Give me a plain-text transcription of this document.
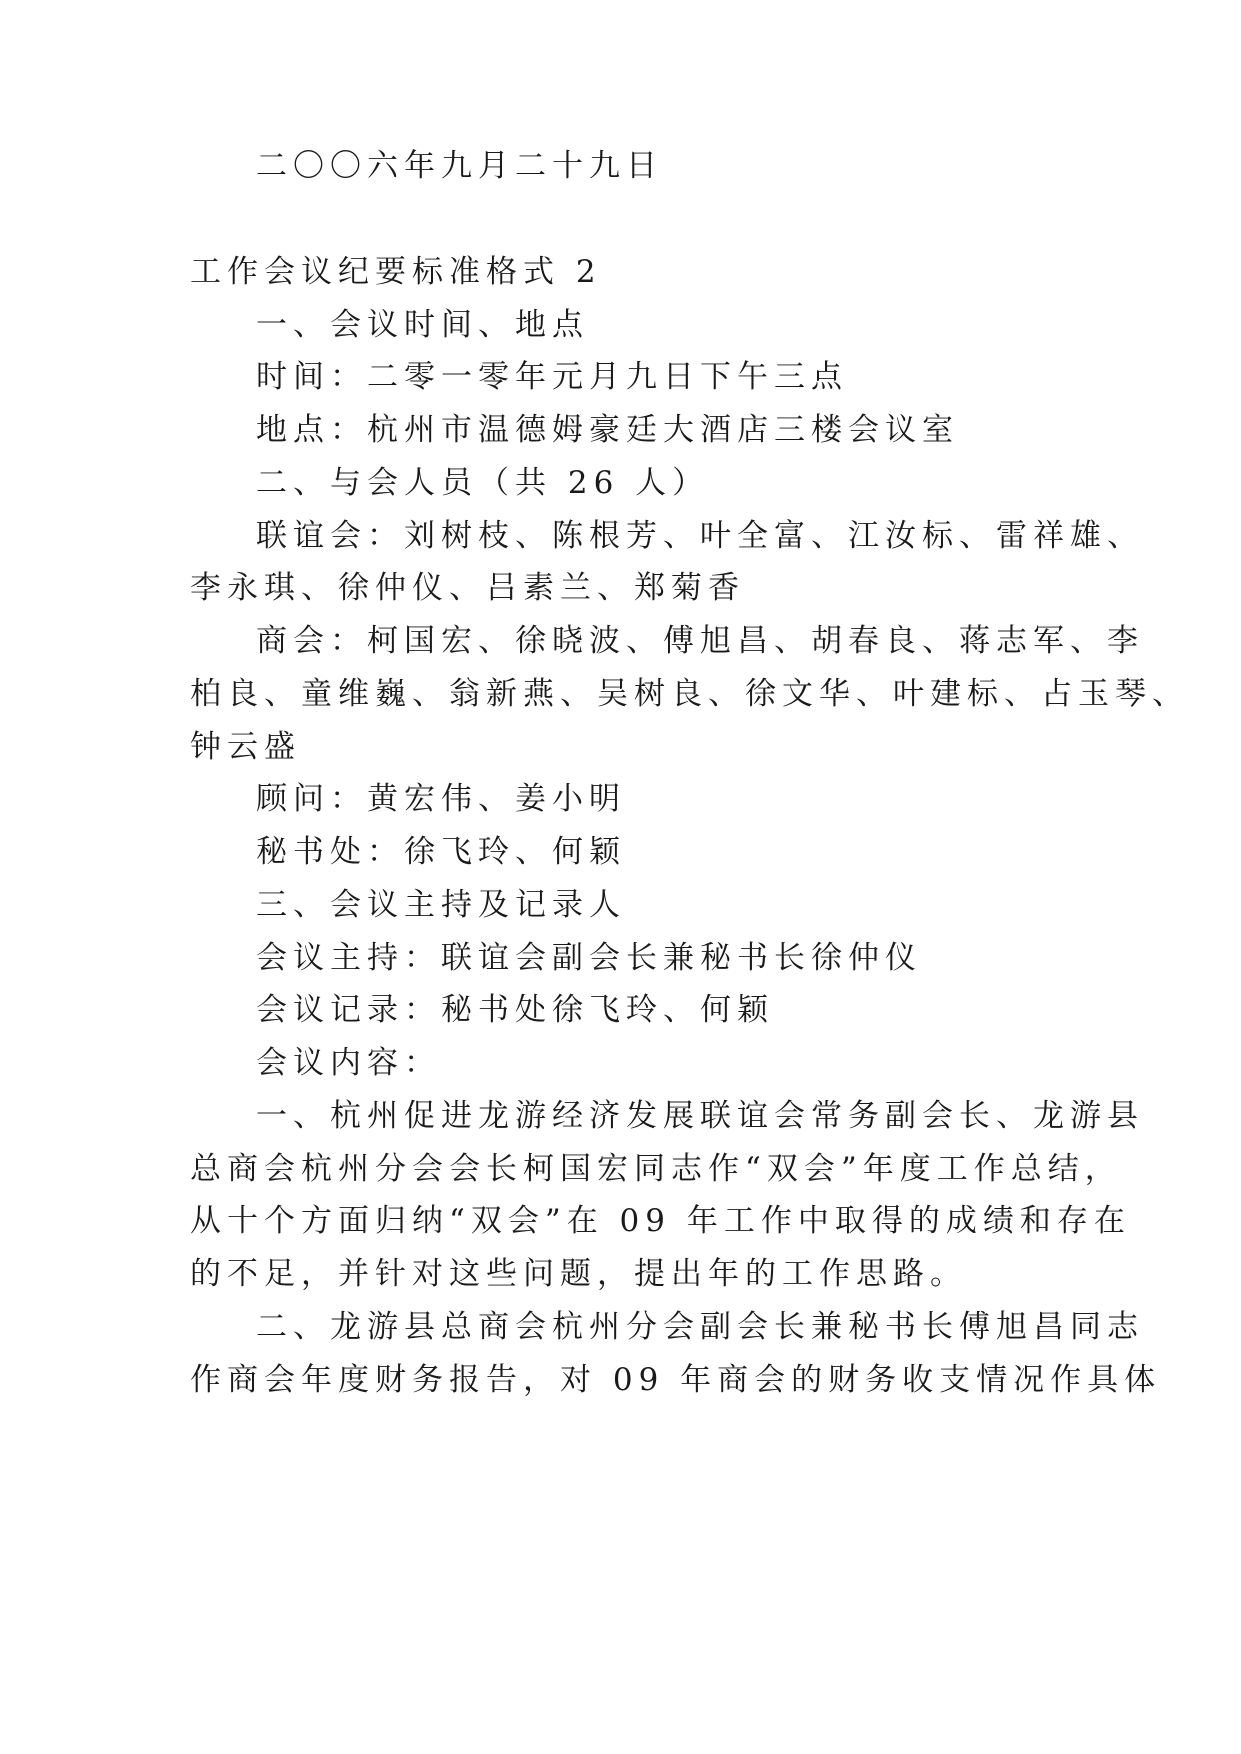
二〇〇六年九月二十九日
工作会议纪要标准格式 2
一、会议时间、地点
时间：二零一零年元月九日下午三点
地点：杭州市温德姆豪廷大酒店三楼会议室
二、与会人员（共 26 人）
联谊会：刘树枝、陈根芳、叶全富、江汝标、雷祥雄、
李永琪、徐仲仪、吕素兰、郑菊香
商会：柯国宏、徐晓波、傅旭昌、胡春良、蒋志军、李
柏良、童维巍、翁新燕、吴树良、徐文华、叶建标、占玉琴、
钟云盛
顾问：黄宏伟、姜小明
秘书处：徐飞玲、何颖
三、会议主持及记录人
会议主持：联谊会副会长兼秘书长徐仲仪
会议记录：秘书处徐飞玲、何颖
会议内容：
一、杭州促进龙游经济发展联谊会常务副会长、龙游县
总商会杭州分会会长柯国宏同志作“双会”年度工作总结，
从十个方面归纳“双会”在 09 年工作中取得的成绩和存在
的不足，并针对这些问题，提出年的工作思路。
二、龙游县总商会杭州分会副会长兼秘书长傅旭昌同志
作商会年度财务报告，对 09 年商会的财务收支情况作具体
